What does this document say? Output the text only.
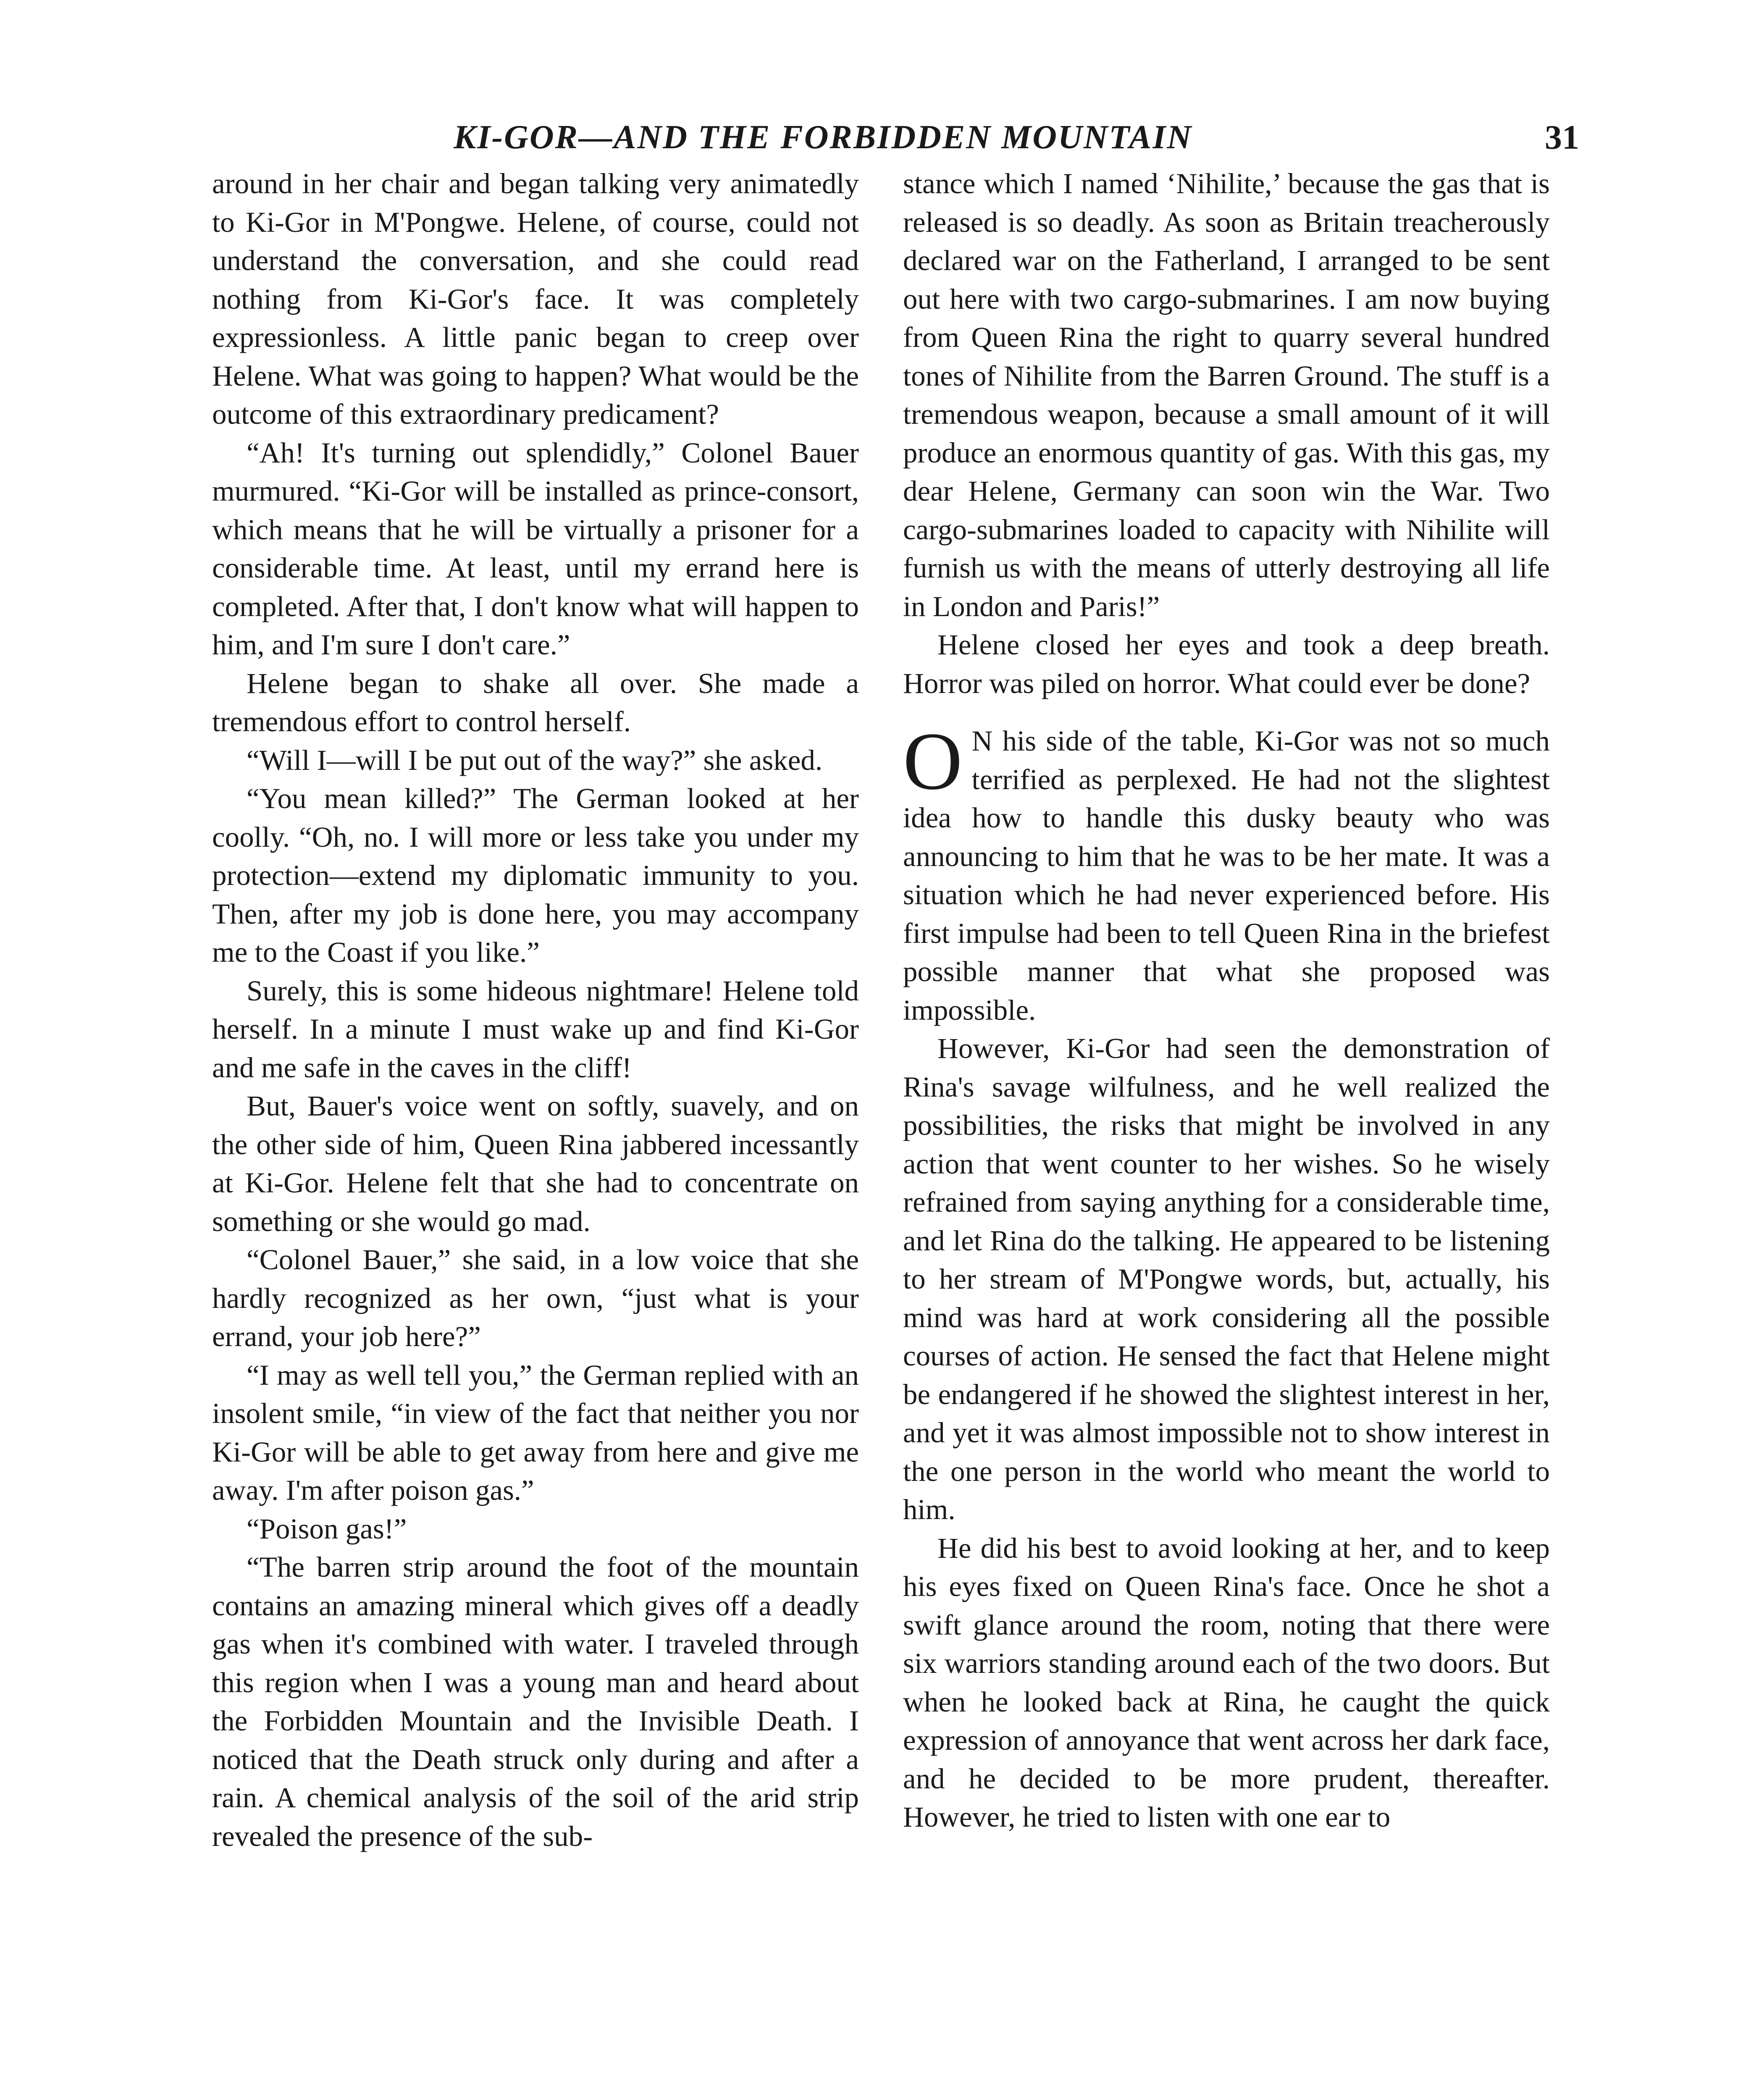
KI-GOR—AND THE FORBIDDEN MOUNTAIN	31

around in her chair and began talking very animatedly to Ki-Gor in M'Pongwe. Helene, of course, could not understand the conversation, and she could read nothing from Ki-Gor's face. It was completely expressionless. A little panic began to creep over Helene. What was going to happen? What would be the outcome of this extraordinary predicament?

“Ah! It's turning out splendidly,” Colonel Bauer murmured. “Ki-Gor will be installed as prince-consort, which means that he will be virtually a prisoner for a considerable time. At least, until my errand here is completed. After that, I don't know what will happen to him, and I'm sure I don't care.”

Helene began to shake all over. She made a tremendous effort to control herself.

“Will I—will I be put out of the way?” she asked.

“You mean killed?” The German looked at her coolly. “Oh, no. I will more or less take you under my protection—extend my diplomatic immunity to you. Then, after my job is done here, you may accompany me to the Coast if you like.”

Surely, this is some hideous nightmare! Helene told herself. In a minute I must wake up and find Ki-Gor and me safe in the caves in the cliff!

But, Bauer's voice went on softly, suavely, and on the other side of him, Queen Rina jabbered incessantly at Ki-Gor. Helene felt that she had to concentrate on something or she would go mad.

“Colonel Bauer,” she said, in a low voice that she hardly recognized as her own, “just what is your errand, your job here?”

“I may as well tell you,” the German replied with an insolent smile, “in view of the fact that neither you nor Ki-Gor will be able to get away from here and give me away. I'm after poison gas.”

“Poison gas!”

“The barren strip around the foot of the mountain contains an amazing mineral which gives off a deadly gas when it's combined with water. I traveled through this region when I was a young man and heard about the Forbidden Mountain and the Invisible Death. I noticed that the Death struck only during and after a rain. A chemical analysis of the soil of the arid strip revealed the presence of the sub-

stance which I named ‘Nihilite,’ because the gas that is released is so deadly. As soon as Britain treacherously declared war on the Fatherland, I arranged to be sent out here with two cargo-submarines. I am now buying from Queen Rina the right to quarry several hundred tones of Nihilite from the Barren Ground. The stuff is a tremendous weapon, because a small amount of it will produce an enormous quantity of gas. With this gas, my dear Helene, Germany can soon win the War. Two cargo-submarines loaded to capacity with Nihilite will furnish us with the means of utterly destroying all life in London and Paris!”

Helene closed her eyes and took a deep breath. Horror was piled on horror. What could ever be done?

O N his side of the table, Ki-Gor was not so much terrified as perplexed. He had not the slightest idea how to handle this dusky beauty who was announcing to him that he was to be her mate. It was a situation which he had never experienced before. His first impulse had been to tell Queen Rina in the briefest possible manner that what she proposed was impossible.

However, Ki-Gor had seen the demonstration of Rina's savage wilfulness, and he well realized the possibilities, the risks that might be involved in any action that went counter to her wishes. So he wisely refrained from saying anything for a considerable time, and let Rina do the talking. He appeared to be listening to her stream of M'Pongwe words, but, actually, his mind was hard at work considering all the possible courses of action. He sensed the fact that Helene might be endangered if he showed the slightest interest in her, and yet it was almost impossible not to show interest in the one person in the world who meant the world to him.

He did his best to avoid looking at her, and to keep his eyes fixed on Queen Rina's face. Once he shot a swift glance around the room, noting that there were six warriors standing around each of the two doors. But when he looked back at Rina, he caught the quick expression of annoyance that went across her dark face, and he decided to be more prudent, thereafter. However, he tried to listen with one ear to
